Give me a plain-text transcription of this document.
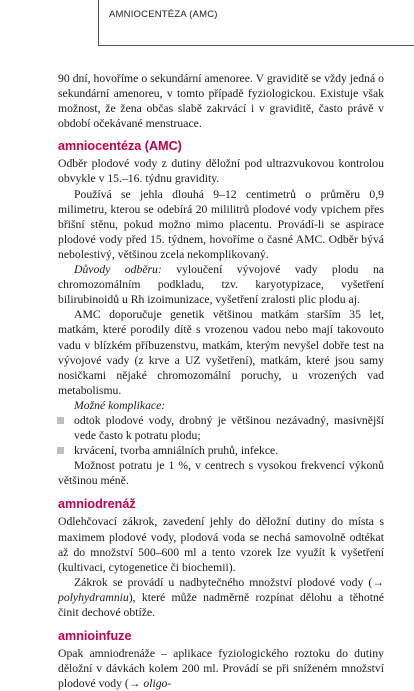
AMNIOCENTÉZA (AMC)

90 dní, hovoříme o sekundární amenoree. V graviditě se vždy jedná o sekundární amenoreu, v tomto případě fyziologickou. Existuje však možnost, že žena občas slabě zakrvácí i v graviditě, často právě v období očekávané menstruace.

amniocentéza (AMC)

Odběr plodové vody z dutiny děložní pod ultrazvukovou kontrolou obvykle v 15.–16. týdnu gravidity.

Používá se jehla dlouhá 9–12 centimetrů o průměru 0,9 milimetru, kterou se odebírá 20 mililitrů plodové vody vpichem přes břišní stěnu, pokud možno mimo placentu. Provádí-li se aspirace plodové vody před 15. týdnem, hovoříme o časné AMC. Odběr bývá nebolestivý, většinou zcela nekomplikovaný.

Důvody odběru: vyloučení vývojové vady plodu na chromozomálním podkladu, tzv. karyotypizace, vyšetření bilirubinoidů u Rh izoimunizace, vyšetření zralosti plic plodu aj.

AMC doporučuje genetik většinou matkám starším 35 let, matkám, které porodily dítě s vrozenou vadou nebo mají takovouto vadu v blízkém příbuzenstvu, matkám, kterým nevyšel dobře test na vývojové vady (z krve a UZ vyšetření), matkám, které jsou samy nosičkami nějaké chromozomální poruchy, u vrozených vad metabolismu.

Možné komplikace:

odtok plodové vody, drobný je většinou nezávadný, masivnější vede často k potratu plodu;
krvácení, tvorba amniálních pruhů, infekce.

Možnost potratu je 1 %, v centrech s vysokou frekvencí výkonů většinou méně.

amniodrenáž

Odlehčovací zákrok, zavedení jehly do děložní dutiny do místa s maximem plodové vody, plodová voda se nechá samovolně odtékat až do množství 500–600 ml a tento vzorek lze využít k vyšetření (kultivaci, cytogenetice či biochemii).

Zákrok se provádí u nadbytečného množství plodové vody (→ polyhydramniu), které může nadměrně rozpínat dělohu a těhotné činit dechové obtíže.

amnioinfuze

Opak amniodrenáže – aplikace fyziologického roztoku do dutiny děložní v dávkách kolem 200 ml. Provádí se při sníženém množství plodové vody (→ oligo-
